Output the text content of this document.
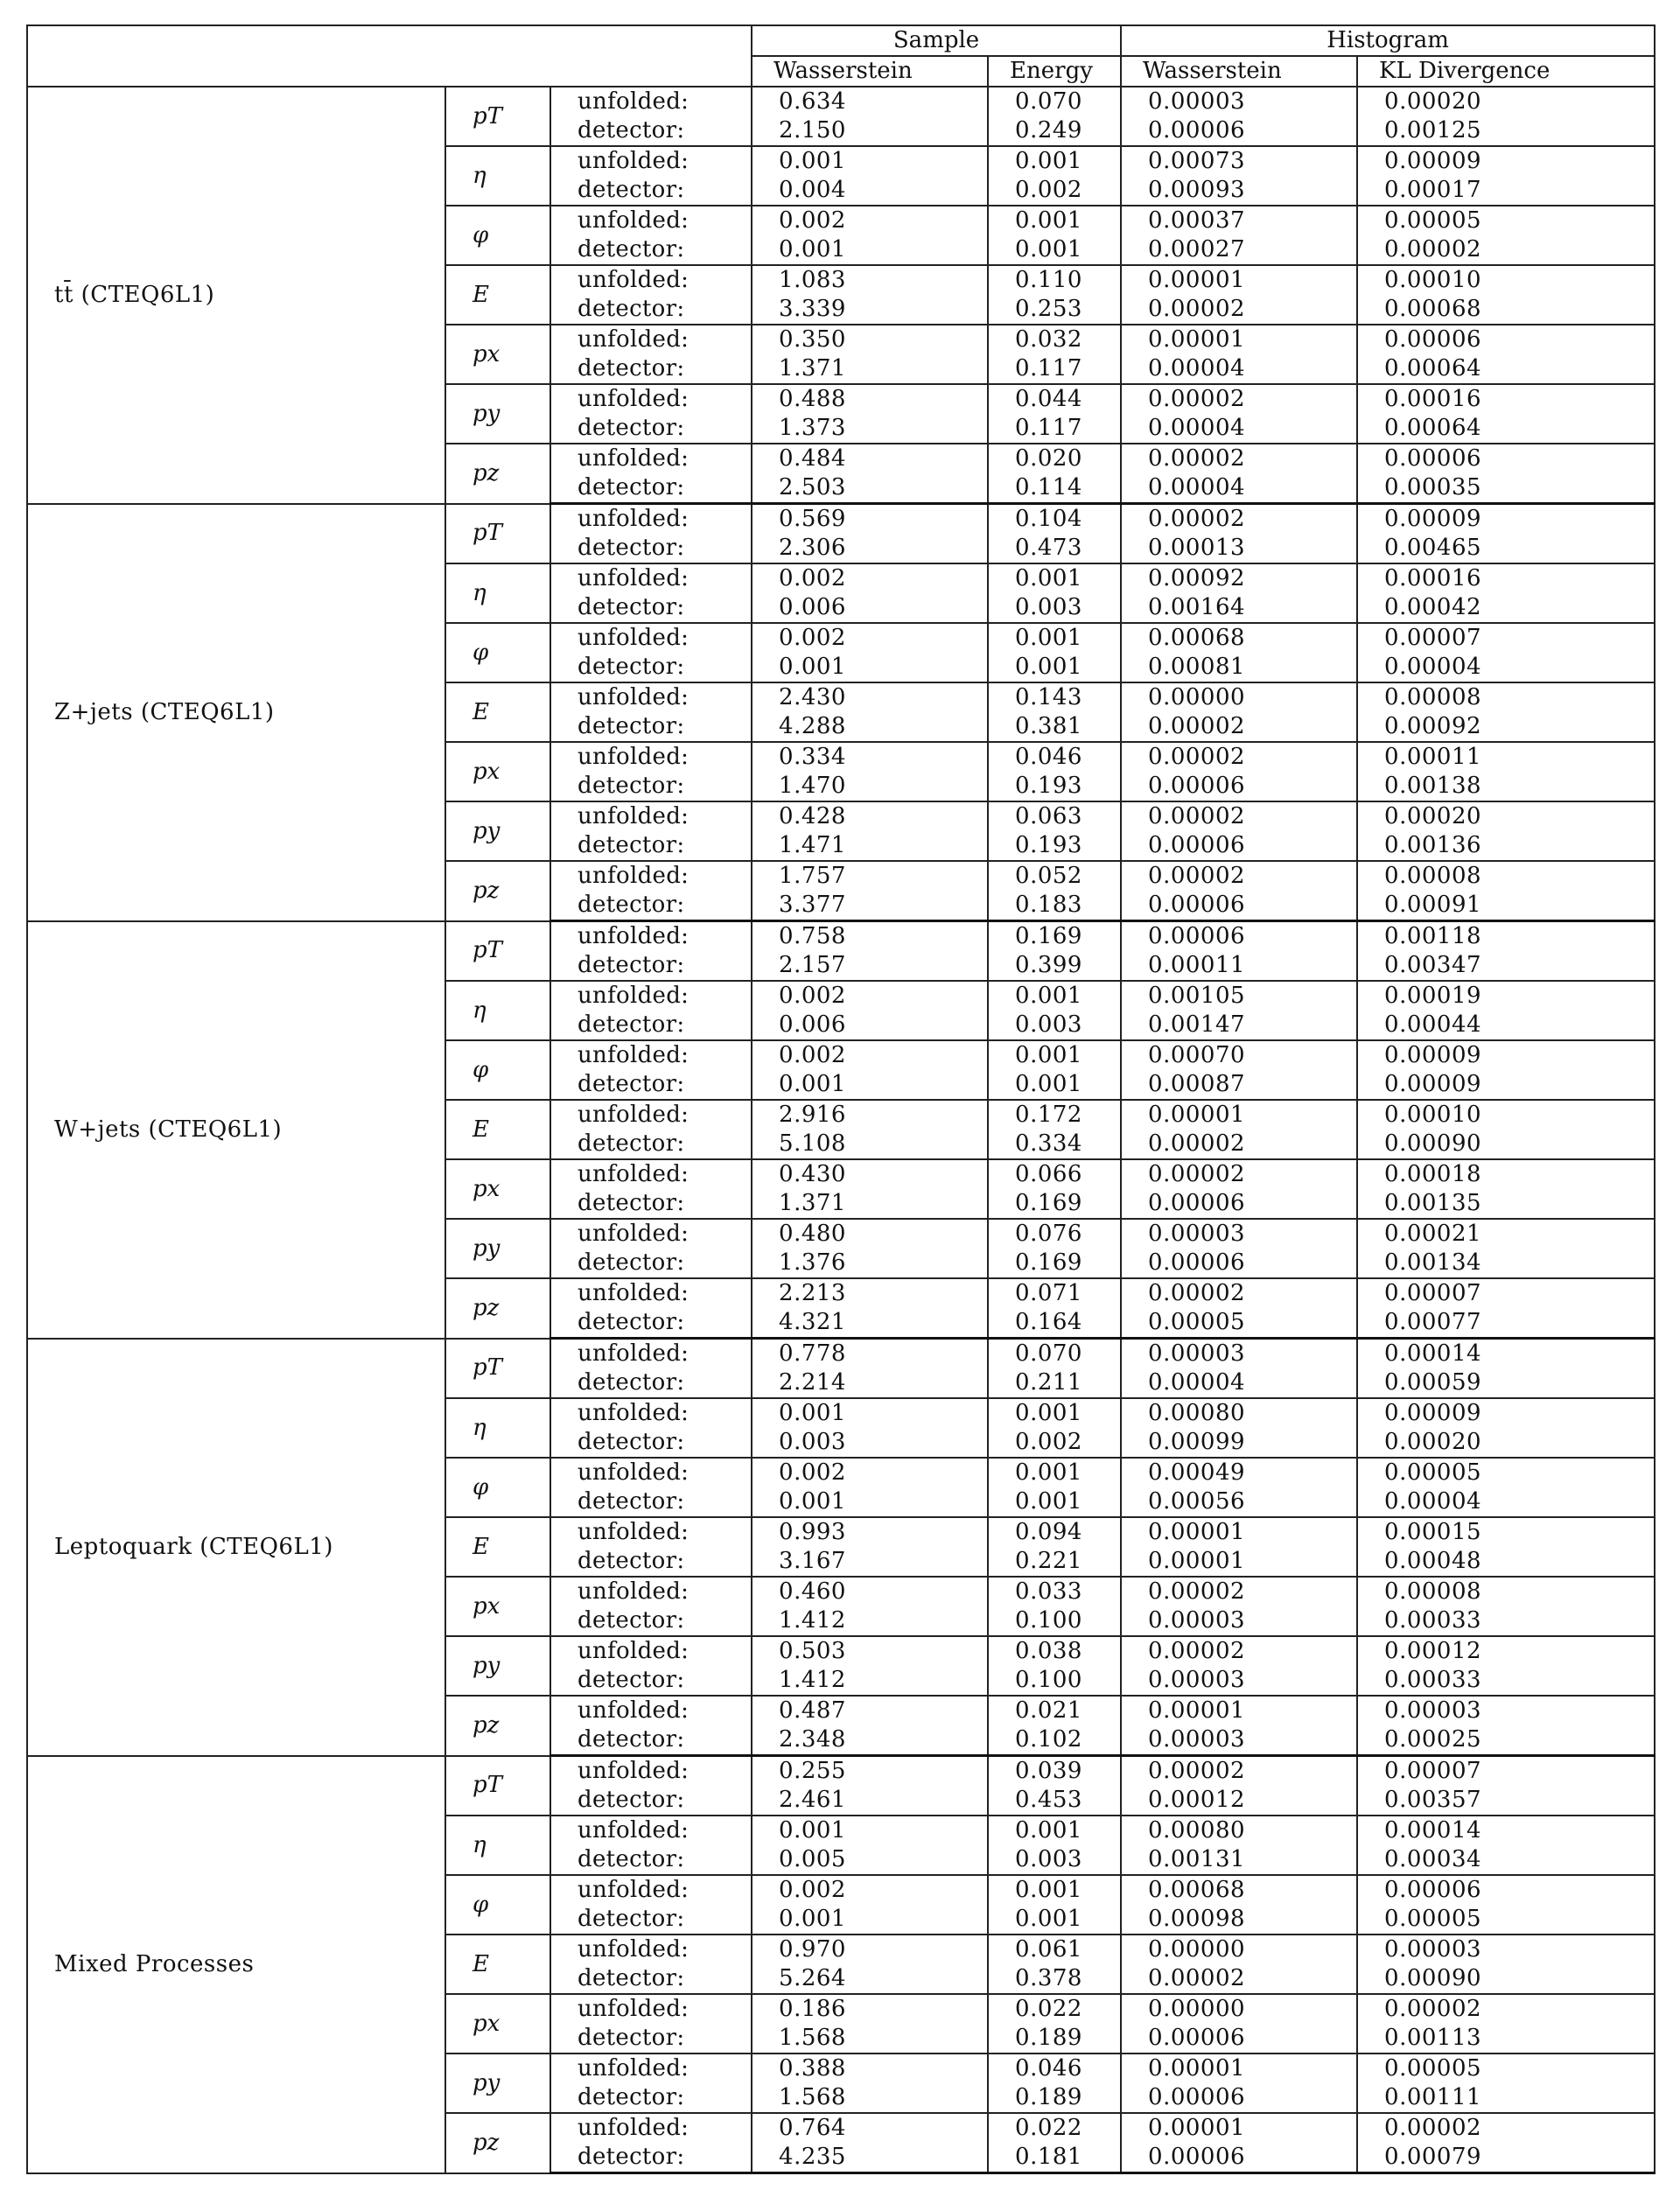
			Sample		Histogram	
			Wasserstein	Energy	Wasserstein	KL Divergence
tt̄ (CTEQ6L1)	pT	unfolded:	0.634	0.070	0.00003	0.00020
		detector:	2.150	0.249	0.00006	0.00125
	η	unfolded:	0.001	0.001	0.00073	0.00009
		detector:	0.004	0.002	0.00093	0.00017
	φ	unfolded:	0.002	0.001	0.00037	0.00005
		detector:	0.001	0.001	0.00027	0.00002
	E	unfolded:	1.083	0.110	0.00001	0.00010
		detector:	3.339	0.253	0.00002	0.00068
	px	unfolded:	0.350	0.032	0.00001	0.00006
		detector:	1.371	0.117	0.00004	0.00064
	py	unfolded:	0.488	0.044	0.00002	0.00016
		detector:	1.373	0.117	0.00004	0.00064
	pz	unfolded:	0.484	0.020	0.00002	0.00006
		detector:	2.503	0.114	0.00004	0.00035
Z+jets (CTEQ6L1)	pT	unfolded:	0.569	0.104	0.00002	0.00009
		detector:	2.306	0.473	0.00013	0.00465
	η	unfolded:	0.002	0.001	0.00092	0.00016
		detector:	0.006	0.003	0.00164	0.00042
	φ	unfolded:	0.002	0.001	0.00068	0.00007
		detector:	0.001	0.001	0.00081	0.00004
	E	unfolded:	2.430	0.143	0.00000	0.00008
		detector:	4.288	0.381	0.00002	0.00092
	px	unfolded:	0.334	0.046	0.00002	0.00011
		detector:	1.470	0.193	0.00006	0.00138
	py	unfolded:	0.428	0.063	0.00002	0.00020
		detector:	1.471	0.193	0.00006	0.00136
	pz	unfolded:	1.757	0.052	0.00002	0.00008
		detector:	3.377	0.183	0.00006	0.00091
W+jets (CTEQ6L1)	pT	unfolded:	0.758	0.169	0.00006	0.00118
		detector:	2.157	0.399	0.00011	0.00347
	η	unfolded:	0.002	0.001	0.00105	0.00019
		detector:	0.006	0.003	0.00147	0.00044
	φ	unfolded:	0.002	0.001	0.00070	0.00009
		detector:	0.001	0.001	0.00087	0.00009
	E	unfolded:	2.916	0.172	0.00001	0.00010
		detector:	5.108	0.334	0.00002	0.00090
	px	unfolded:	0.430	0.066	0.00002	0.00018
		detector:	1.371	0.169	0.00006	0.00135
	py	unfolded:	0.480	0.076	0.00003	0.00021
		detector:	1.376	0.169	0.00006	0.00134
	pz	unfolded:	2.213	0.071	0.00002	0.00007
		detector:	4.321	0.164	0.00005	0.00077
Leptoquark (CTEQ6L1)	pT	unfolded:	0.778	0.070	0.00003	0.00014
		detector:	2.214	0.211	0.00004	0.00059
	η	unfolded:	0.001	0.001	0.00080	0.00009
		detector:	0.003	0.002	0.00099	0.00020
	φ	unfolded:	0.002	0.001	0.00049	0.00005
		detector:	0.001	0.001	0.00056	0.00004
	E	unfolded:	0.993	0.094	0.00001	0.00015
		detector:	3.167	0.221	0.00001	0.00048
	px	unfolded:	0.460	0.033	0.00002	0.00008
		detector:	1.412	0.100	0.00003	0.00033
	py	unfolded:	0.503	0.038	0.00002	0.00012
		detector:	1.412	0.100	0.00003	0.00033
	pz	unfolded:	0.487	0.021	0.00001	0.00003
		detector:	2.348	0.102	0.00003	0.00025
Mixed Processes	pT	unfolded:	0.255	0.039	0.00002	0.00007
		detector:	2.461	0.453	0.00012	0.00357
	η	unfolded:	0.001	0.001	0.00080	0.00014
		detector:	0.005	0.003	0.00131	0.00034
	φ	unfolded:	0.002	0.001	0.00068	0.00006
		detector:	0.001	0.001	0.00098	0.00005
	E	unfolded:	0.970	0.061	0.00000	0.00003
		detector:	5.264	0.378	0.00002	0.00090
	px	unfolded:	0.186	0.022	0.00000	0.00002
		detector:	1.568	0.189	0.00006	0.00113
	py	unfolded:	0.388	0.046	0.00001	0.00005
		detector:	1.568	0.189	0.00006	0.00111
	pz	unfolded:	0.764	0.022	0.00001	0.00002
		detector:	4.235	0.181	0.00006	0.00079
